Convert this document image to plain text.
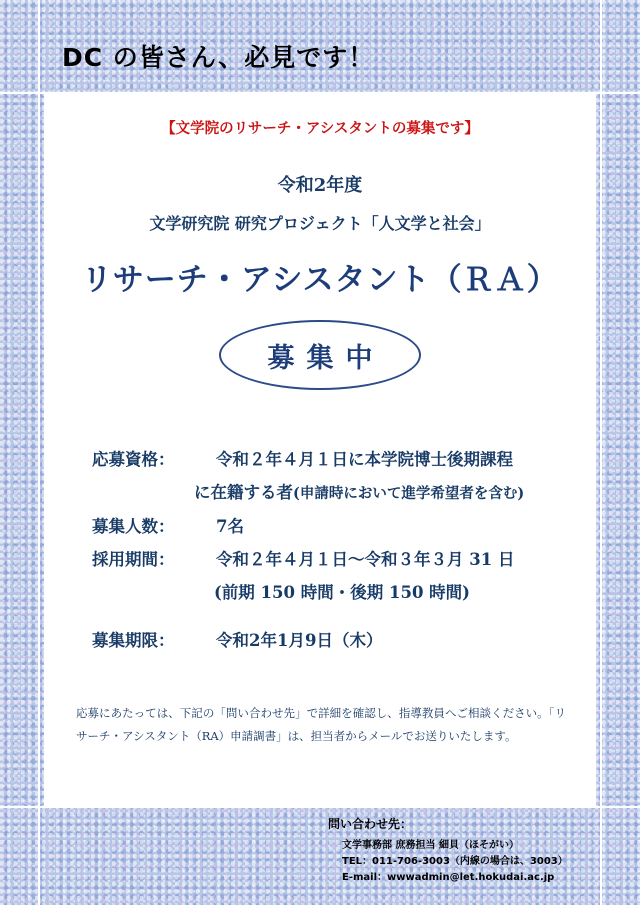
DC の皆さん、必見です！
【文学院のリサーチ・アシスタントの募集です】
令和2年度
文学研究院 研究プロジェクト「人文学と社会」
リサーチ・アシスタント（ＲＡ）
募集中
応募資格：	令和２年４月１日に本学院博士後期課程
に在籍する者(申請時において進学希望者を含む)
募集人数：	7名
採用期間：	令和２年４月１日～令和３年３月 31 日
(前期 150 時間・後期 150 時間)
募集期限：	令和2年1月9日（木）
応募にあたっては、下記の「問い合わせ先」で詳細を確認し、指導教員へご相談ください。「リサーチ・アシスタント（RA）申請調書」は、担当者からメールでお送りいたします。
問い合わせ先：
文学事務部 庶務担当 細貝（ほそがい）
TEL：011-706-3003（内線の場合は、3003）
E-mail：wwwadmin@let.hokudai.ac.jp
